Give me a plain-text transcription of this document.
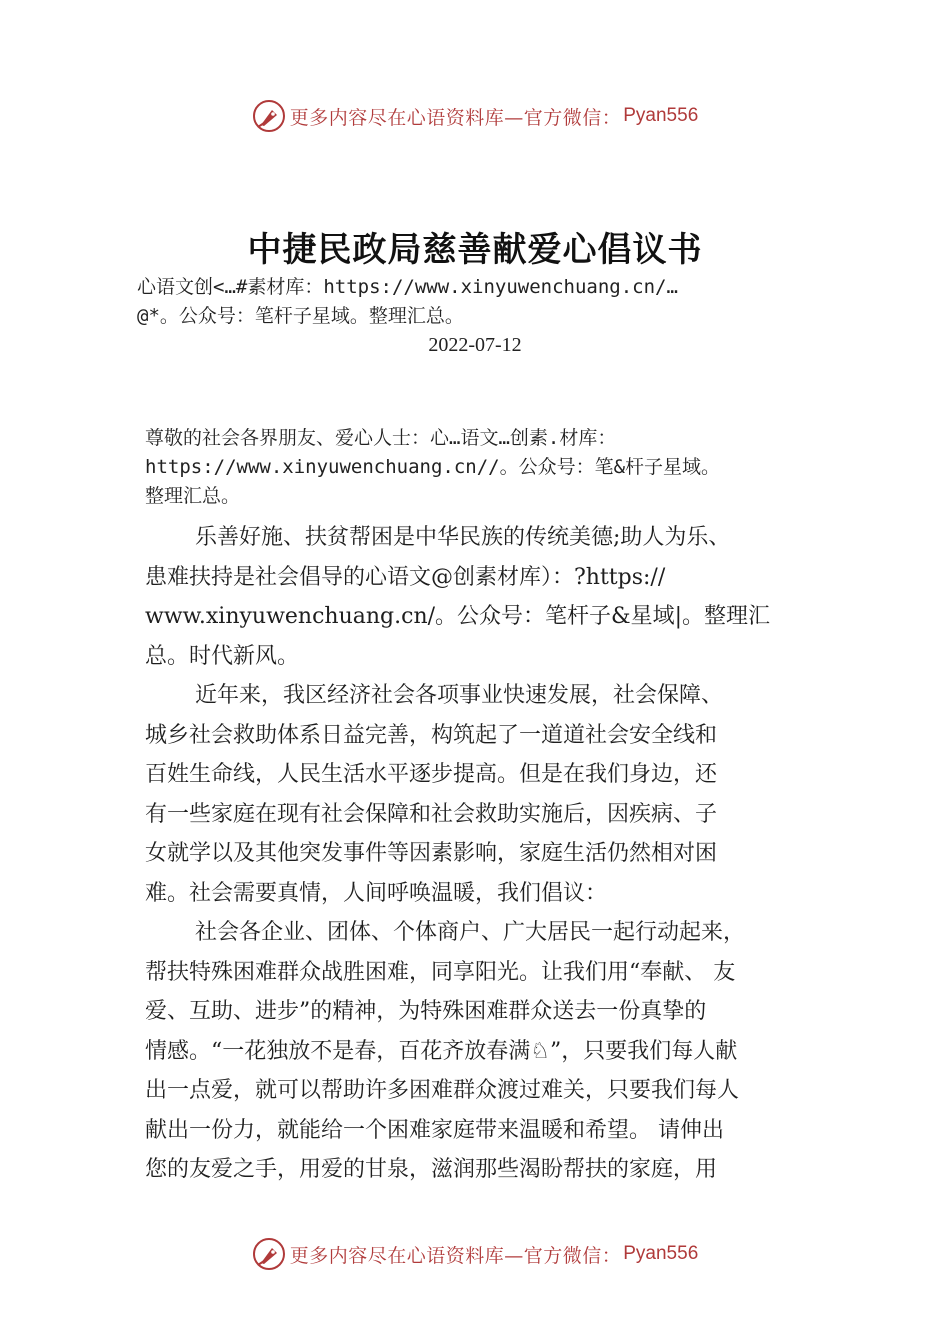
更多内容尽在心语资料库—官方微信： Pyan556
中捷民政局慈善献爱心倡议书
心语文创<…#素材库：https://www.xinyuwenchuang.cn/…
@*。公众号：笔杆子星域。整理汇总。
2022-07-12
尊敬的社会各界朋友、爱心人士：心…语文…创素.材库：
https://www.xinyuwenchuang.cn//。公众号：笔&杆子星域。
整理汇总。
乐善好施、扶贫帮困是中华民族的传统美德;助人为乐、
患难扶持是社会倡导的心语文@创素材库）：?https://
www.xinyuwenchuang.cn/。公众号：笔杆子&星域|。整理汇
总。时代新风。
近年来，我区经济社会各项事业快速发展，社会保障、
城乡社会救助体系日益完善，构筑起了一道道社会安全线和
百姓生命线，人民生活水平逐步提高。但是在我们身边，还
有一些家庭在现有社会保障和社会救助实施后，因疾病、子
女就学以及其他突发事件等因素影响，家庭生活仍然相对困
难。社会需要真情，人间呼唤温暖，我们倡议：
社会各企业、团体、个体商户、广大居民一起行动起来，
帮扶特殊困难群众战胜困难，同享阳光。让我们用“奉献、 友
爱、互助、进步”的精神，为特殊困难群众送去一份真挚的
情感。“一花独放不是春，百花齐放春满♘”，只要我们每人献
出一点爱，就可以帮助许多困难群众渡过难关，只要我们每人
献出一份力，就能给一个困难家庭带来温暖和希望。 请伸出
您的友爱之手，用爱的甘泉，滋润那些渴盼帮扶的家庭，用
更多内容尽在心语资料库—官方微信： Pyan556
